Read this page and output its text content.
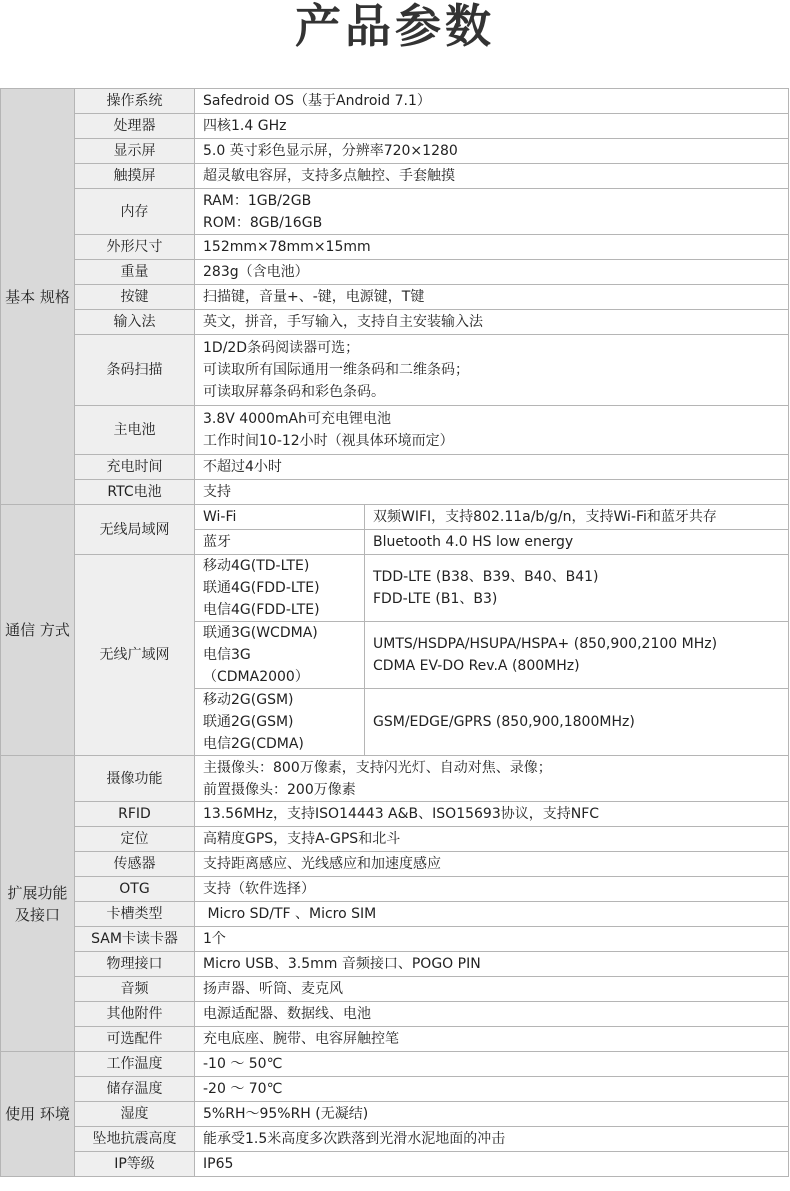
产品参数
基本 规格	操作系统	Safedroid OS（基于Android 7.1）	
	处理器	四核1.4 GHz	
	显示屏	5.0 英寸彩色显示屏，分辨率720×1280	
	触摸屏	超灵敏电容屏，支持多点触控、手套触摸	
	内存	RAM：1GB/2GB
ROM：8GB/16GB	

	外形尺寸	152mm×78mm×15mm	
	重量	283g（含电池）	
	按键	扫描键，音量+、-键，电源键，T键	
	输入法	英文，拼音，手写输入，支持自主安装输入法	
	条码扫描	1D/2D条码阅读器可选；
可读取所有国际通用一维条码和二维条码；
可读取屏幕条码和彩色条码。	

	主电池	3.8V 4000mAh可充电锂电池
工作时间10-12小时（视具体环境而定）	

	充电时间	不超过4小时	
	RTC电池	支持	
通信 方式	无线局域网	Wi-Fi	双频WIFI，支持802.11a/b/g/n，支持Wi-Fi和蓝牙共存
		蓝牙	Bluetooth 4.0 HS low energy
	无线广域网	移动4G(TD-LTE)
联通4G(FDD-LTE)
电信4G(FDD-LTE)	TDD-LTE (B38、B39、B40、B41)
FDD-LTE (B1、B3)

		联通3G(WCDMA)
电信3G
（CDMA2000）	UMTS/HSDPA/HSUPA/HSPA+ (850,900,2100 MHz)
CDMA EV-DO Rev.A (800MHz)

		移动2G(GSM)
联通2G(GSM)
电信2G(CDMA)	GSM/EDGE/GPRS (850,900,1800MHz)

扩展功能 及接口	摄像功能	主摄像头：800万像素，支持闪光灯、自动对焦、录像；
前置摄像头：200万像素	

	RFID	13.56MHz，支持ISO14443 A&B、ISO15693协议，支持NFC	
	定位	高精度GPS，支持A-GPS和北斗	
	传感器	支持距离感应、光线感应和加速度感应	
	OTG	支持（软件选择）	
	卡槽类型	Micro SD/TF 、Micro SIM	
	SAM卡读卡器	1个	
	物理接口	Micro USB、3.5mm 音频接口、POGO PIN	
	音频	扬声器、听筒、麦克风	
	其他附件	电源适配器、数据线、电池	
	可选配件	充电底座、腕带、电容屏触控笔	
使用 环境	工作温度	-10 ～ 50℃	
	储存温度	-20 ～ 70℃	
	湿度	5%RH～95%RH (无凝结)	
	坠地抗震高度	能承受1.5米高度多次跌落到光滑水泥地面的冲击	
	IP等级	IP65	
